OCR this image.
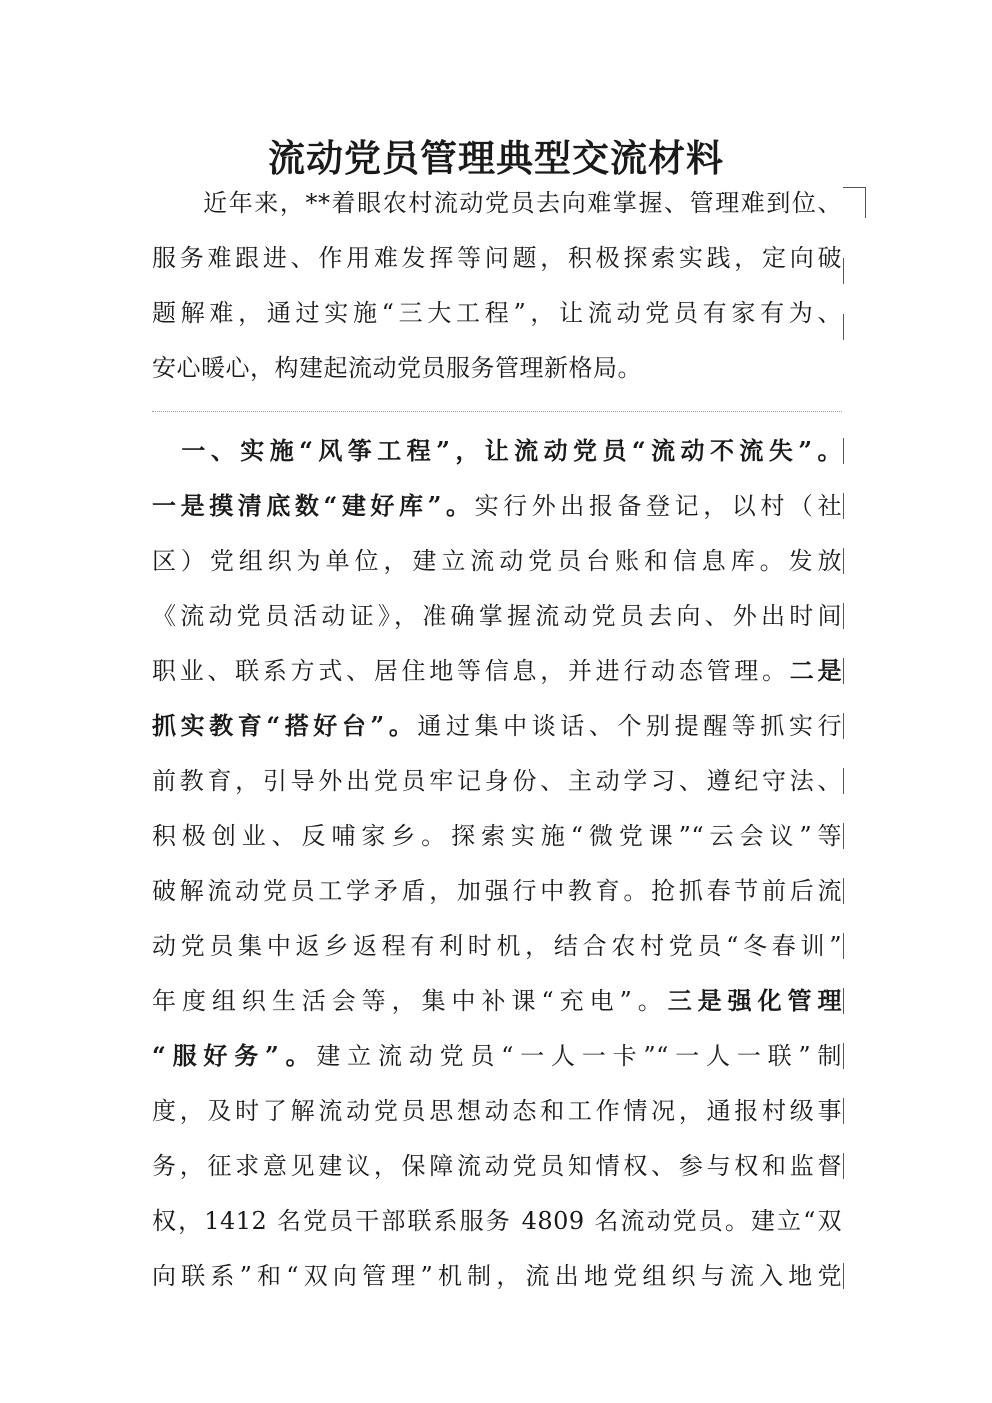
流动党员管理典型交流材料
　　近年来，**着眼农村流动党员去向难掌握、管理难到位、
服务难跟进、作用难发挥等问题，积极探索实践，定向破
题解难，通过实施“三大工程”，让流动党员有家有为、
安心暖心，构建起流动党员服务管理新格局。
　一、实施“风筝工程”，让流动党员“流动不流失”。
一是摸清底数“建好库”。实行外出报备登记，以村（社
区）党组织为单位，建立流动党员台账和信息库。发放
《流动党员活动证》，准确掌握流动党员去向、外出时间
职业、联系方式、居住地等信息，并进行动态管理。二是
抓实教育“搭好台”。通过集中谈话、个别提醒等抓实行
前教育，引导外出党员牢记身份、主动学习、遵纪守法、
积极创业、反哺家乡。探索实施“微党课”“云会议”等
破解流动党员工学矛盾，加强行中教育。抢抓春节前后流
动党员集中返乡返程有利时机，结合农村党员“冬春训”
年度组织生活会等，集中补课“充电”。三是强化管理
“服好务”。建立流动党员“一人一卡”“一人一联”制
度，及时了解流动党员思想动态和工作情况，通报村级事
务，征求意见建议，保障流动党员知情权、参与权和监督
权，1412 名党员干部联系服务 4809 名流动党员。建立“双
向联系”和“双向管理”机制，流出地党组织与流入地党
